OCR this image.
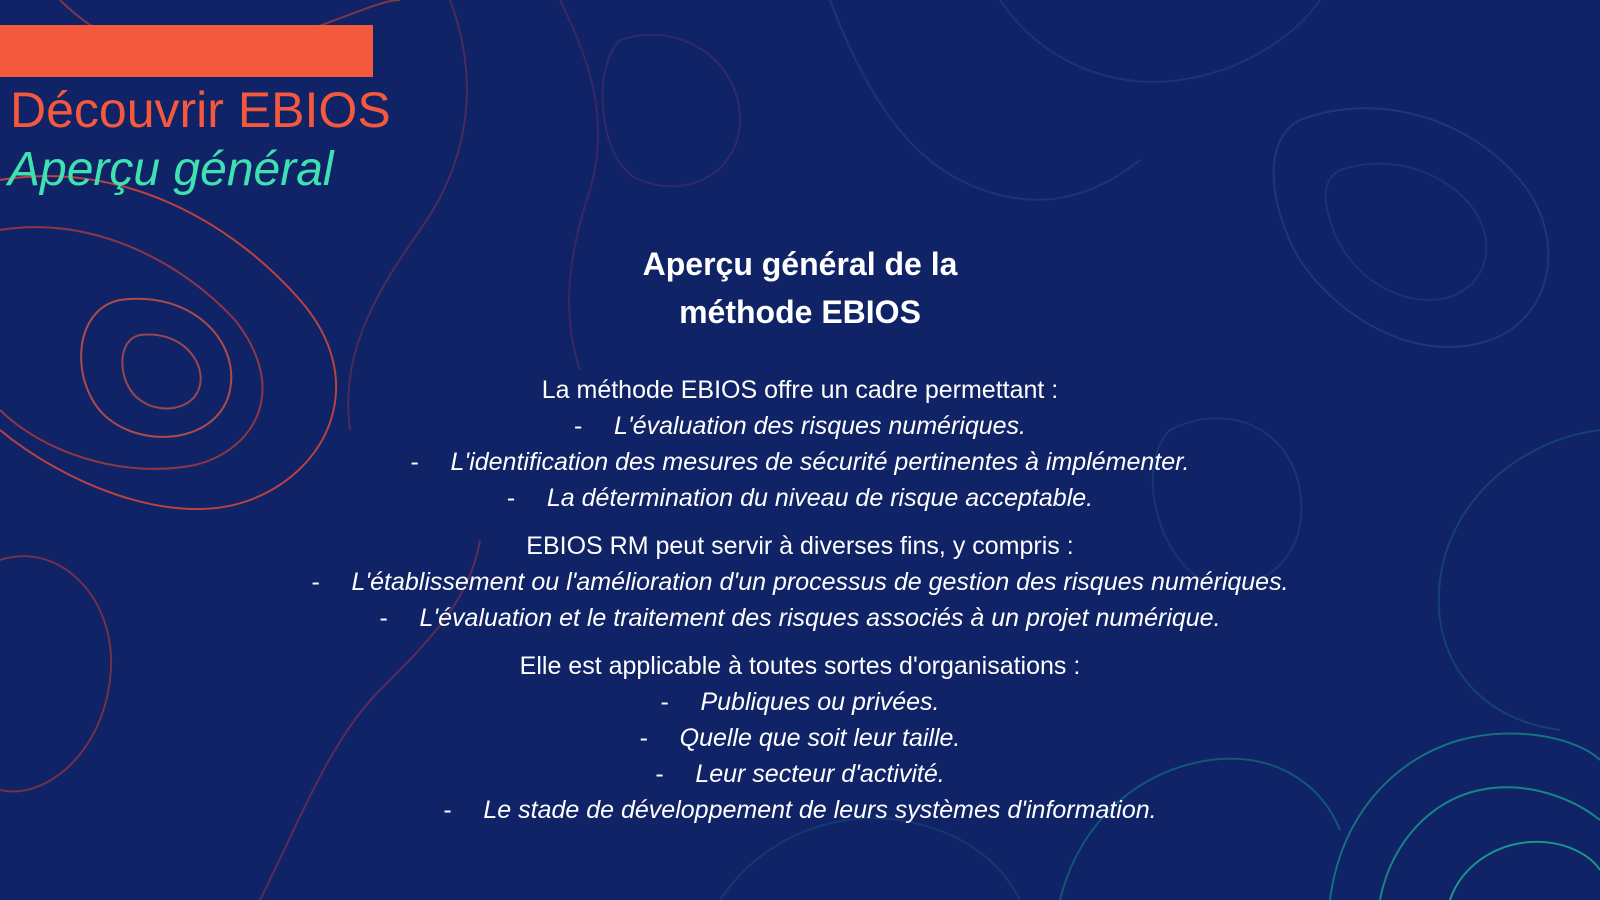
Découvrir EBIOS
Aperçu général
Aperçu général de la
méthode EBIOS
La méthode EBIOS offre un cadre permettant :
- L'évaluation des risques numériques.
- L'identification des mesures de sécurité pertinentes à implémenter.
- La détermination du niveau de risque acceptable.
EBIOS RM peut servir à diverses fins, y compris :
- L'établissement ou l'amélioration d'un processus de gestion des risques numériques.
- L'évaluation et le traitement des risques associés à un projet numérique.
Elle est applicable à toutes sortes d'organisations :
- Publiques ou privées.
- Quelle que soit leur taille.
- Leur secteur d'activité.
- Le stade de développement de leurs systèmes d'information.
